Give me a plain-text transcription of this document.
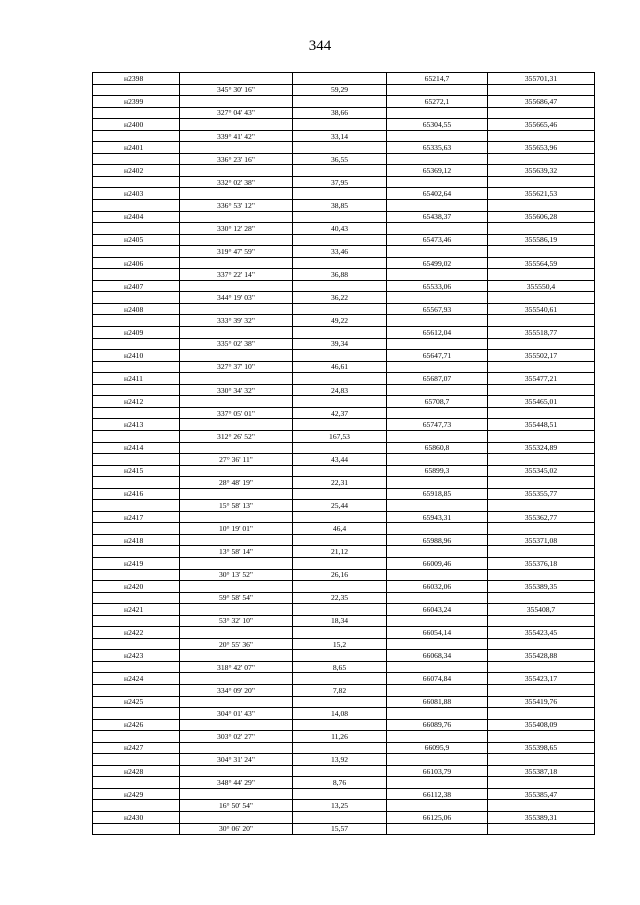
344
н2398			65214,7	355701,31
	345° 30' 16"	59,29		
н2399			65272,1	355686,47
	327° 04' 43"	38,66		
н2400			65304,55	355665,46
	339° 41' 42"	33,14		
н2401			65335,63	355653,96
	336° 23' 16"	36,55		
н2402			65369,12	355639,32
	332° 02' 38"	37,95		
н2403			65402,64	355621,53
	336° 53' 12"	38,85		
н2404			65438,37	355606,28
	330° 12' 28"	40,43		
н2405			65473,46	355586,19
	319° 47' 59"	33,46		
н2406			65499,02	355564,59
	337° 22' 14"	36,88		
н2407			65533,06	355550,4
	344° 19' 03"	36,22		
н2408			65567,93	355540,61
	333° 39' 32"	49,22		
н2409			65612,04	355518,77
	335° 02' 38"	39,34		
н2410			65647,71	355502,17
	327° 37' 10"	46,61		
н2411			65687,07	355477,21
	330° 34' 32"	24,83		
н2412			65708,7	355465,01
	337° 05' 01"	42,37		
н2413			65747,73	355448,51
	312° 26' 52"	167,53		
н2414			65860,8	355324,89
	27° 36' 11"	43,44		
н2415			65899,3	355345,02
	28° 48' 19"	22,31		
н2416			65918,85	355355,77
	15° 58' 13"	25,44		
н2417			65943,31	355362,77
	10° 19' 01"	46,4		
н2418			65988,96	355371,08
	13° 58' 14"	21,12		
н2419			66009,46	355376,18
	30° 13' 52"	26,16		
н2420			66032,06	355389,35
	59° 58' 54"	22,35		
н2421			66043,24	355408,7
	53° 32' 10"	18,34		
н2422			66054,14	355423,45
	20° 55' 36"	15,2		
н2423			66068,34	355428,88
	318° 42' 07"	8,65		
н2424			66074,84	355423,17
	334° 09' 20"	7,82		
н2425			66081,88	355419,76
	304° 01' 43"	14,08		
н2426			66089,76	355408,09
	303° 02' 27"	11,26		
н2427			66095,9	355398,65
	304° 31' 24"	13,92		
н2428			66103,79	355387,18
	348° 44' 29"	8,76		
н2429			66112,38	355385,47
	16° 50' 54"	13,25		
н2430			66125,06	355389,31
	30° 06' 20"	15,57		
